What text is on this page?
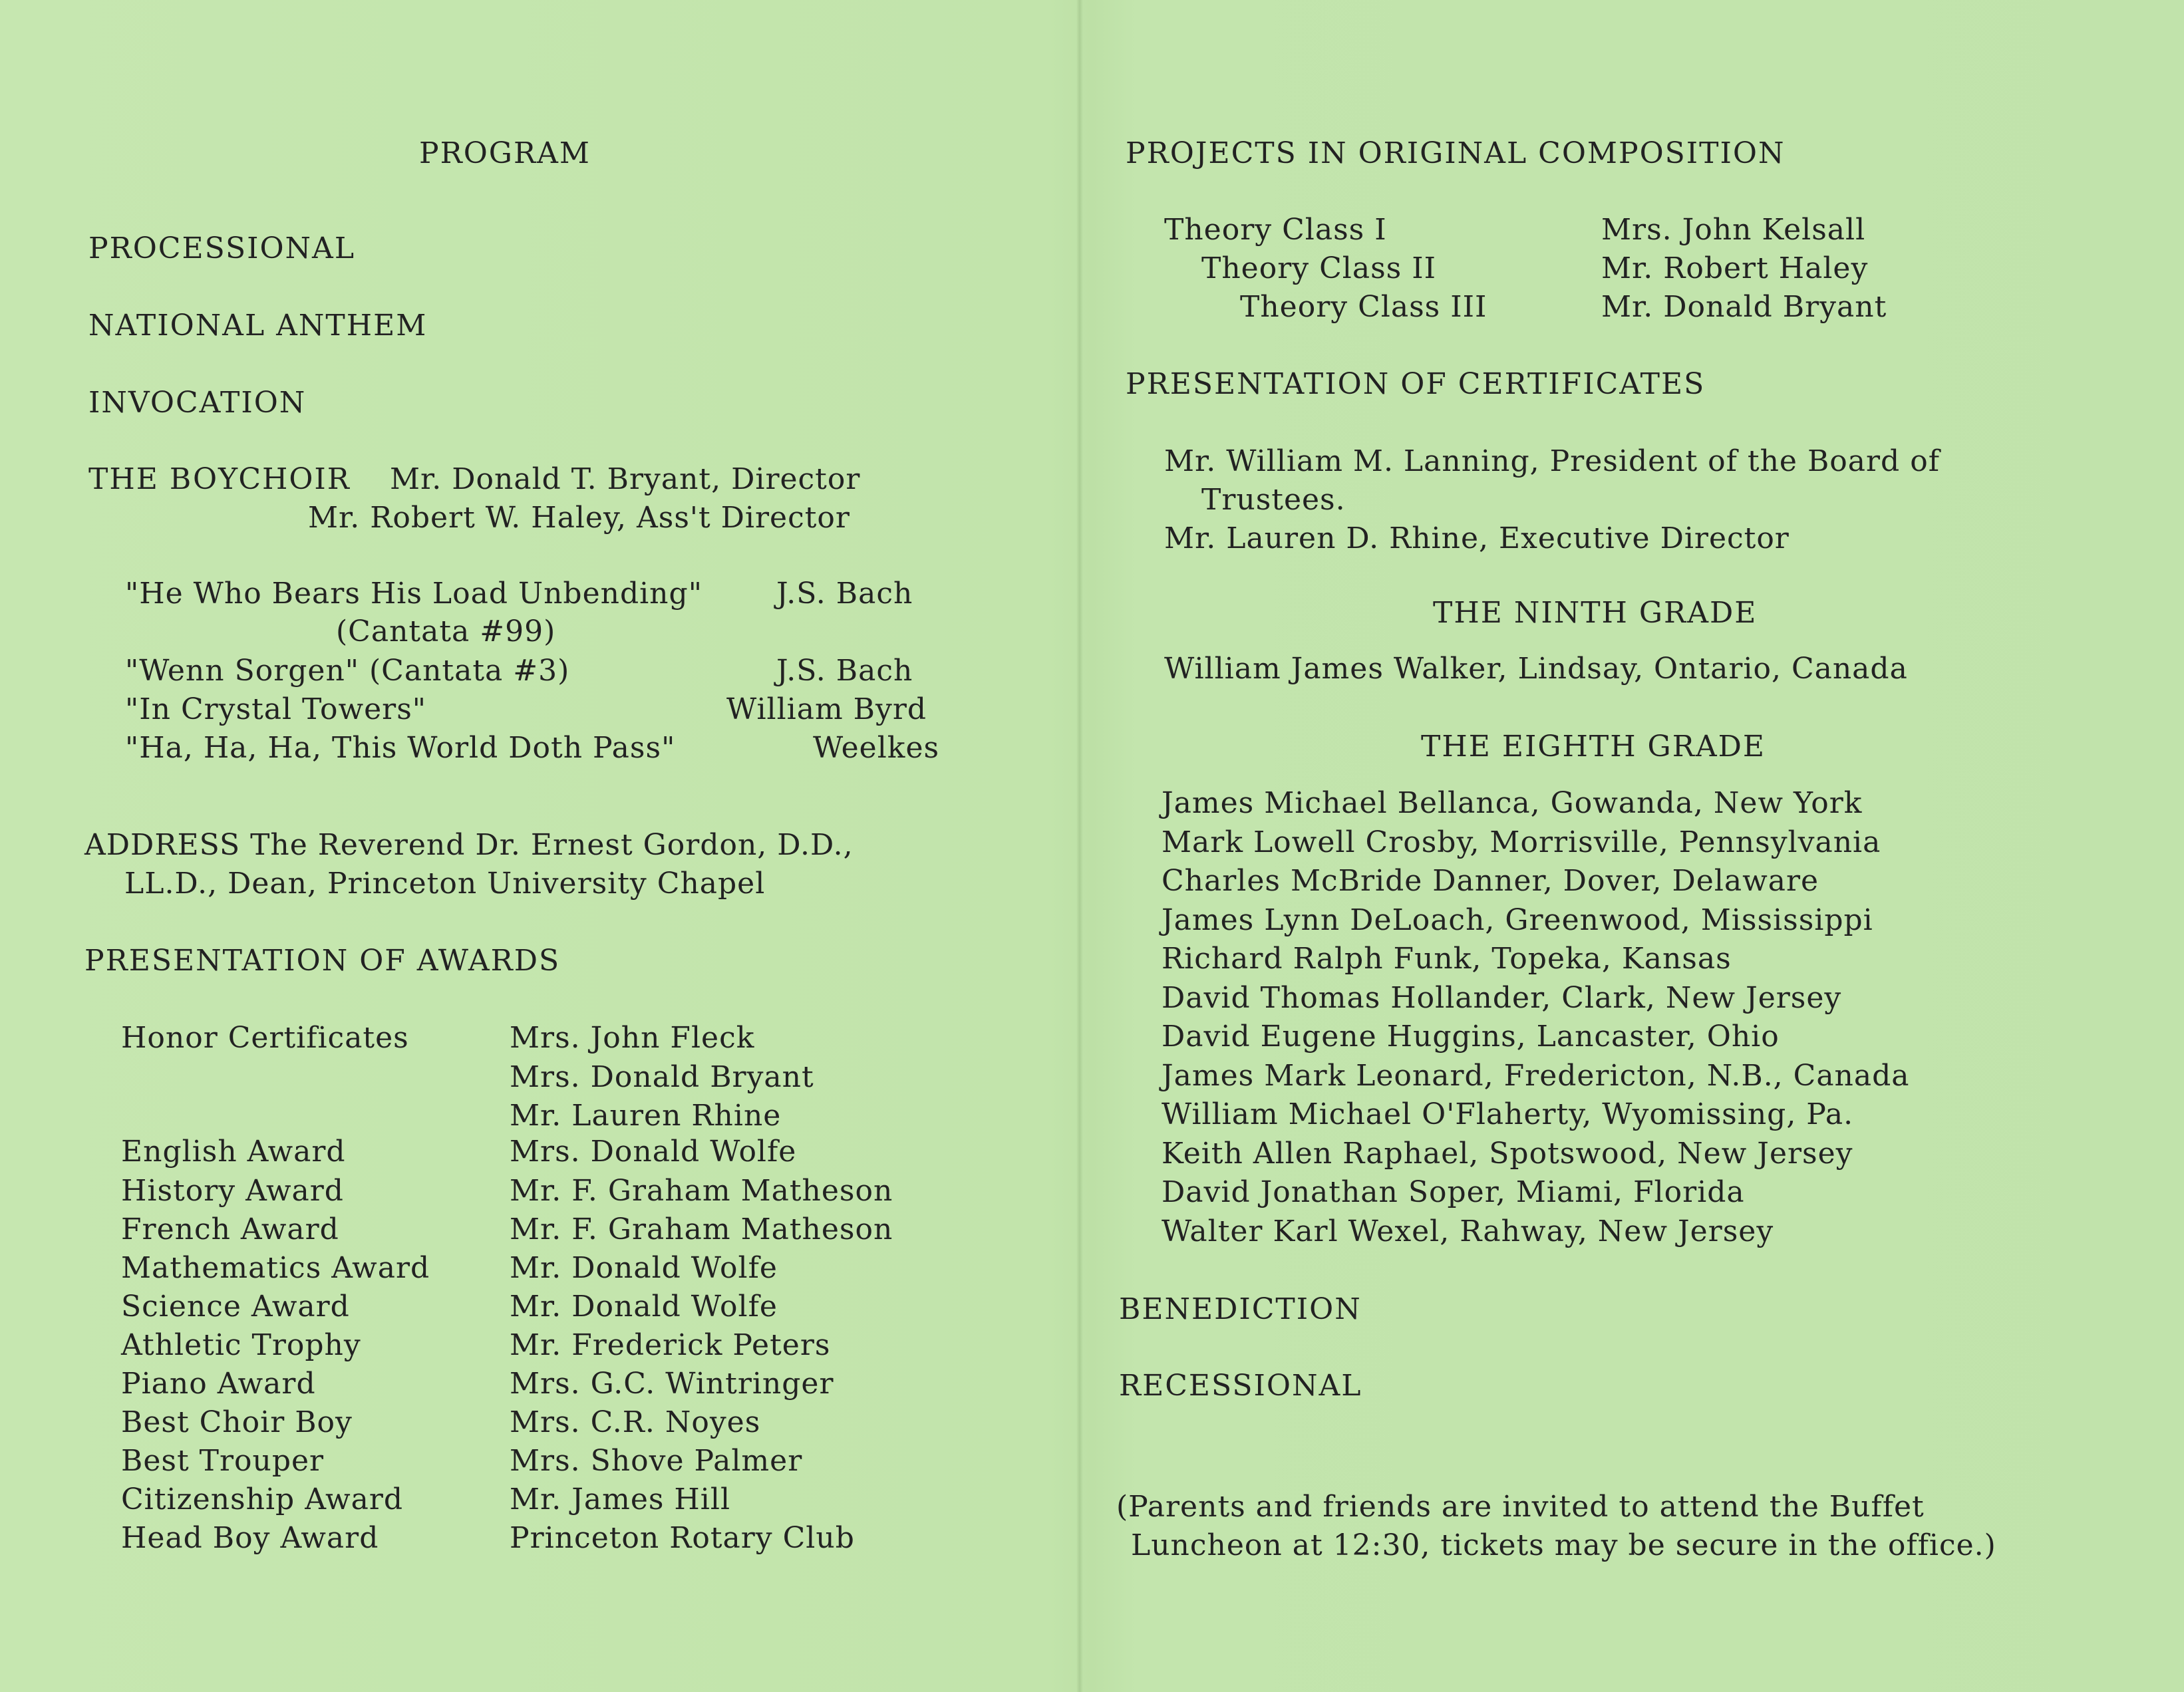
PROGRAM
PROCESSIONAL
NATIONAL ANTHEM
INVOCATION
THE BOYCHOIR Mr. Donald T. Bryant, Director
Mr. Robert W. Haley, Ass't Director
"He Who Bears His Load Unbending"	J.S. Bach
(Cantata #99)
"Wenn Sorgen" (Cantata #3)	J.S. Bach
"In Crystal Towers"	William Byrd
"Ha, Ha, Ha, This World Doth Pass"	Weelkes
ADDRESS The Reverend Dr. Ernest Gordon, D.D.,
LL.D., Dean, Princeton University Chapel
PRESENTATION OF AWARDS
Honor Certificates	Mrs. John Fleck
Mrs. Donald Bryant
Mr. Lauren Rhine
English Award	Mrs. Donald Wolfe
History Award	Mr. F. Graham Matheson
French Award	Mr. F. Graham Matheson
Mathematics Award	Mr. Donald Wolfe
Science Award	Mr. Donald Wolfe
Athletic Trophy	Mr. Frederick Peters
Piano Award	Mrs. G.C. Wintringer
Best Choir Boy	Mrs. C.R. Noyes
Best Trouper	Mrs. Shove Palmer
Citizenship Award	Mr. James Hill
Head Boy Award	Princeton Rotary Club
PROJECTS IN ORIGINAL COMPOSITION
Theory Class I	Mrs. John Kelsall
Theory Class II	Mr. Robert Haley
Theory Class III	Mr. Donald Bryant
PRESENTATION OF CERTIFICATES
Mr. William M. Lanning, President of the Board of
Trustees.
Mr. Lauren D. Rhine, Executive Director
THE NINTH GRADE
William James Walker, Lindsay, Ontario, Canada
THE EIGHTH GRADE
James Michael Bellanca, Gowanda, New York
Mark Lowell Crosby, Morrisville, Pennsylvania
Charles McBride Danner, Dover, Delaware
James Lynn DeLoach, Greenwood, Mississippi
Richard Ralph Funk, Topeka, Kansas
David Thomas Hollander, Clark, New Jersey
David Eugene Huggins, Lancaster, Ohio
James Mark Leonard, Fredericton, N.B., Canada
William Michael O'Flaherty, Wyomissing, Pa.
Keith Allen Raphael, Spotswood, New Jersey
David Jonathan Soper, Miami, Florida
Walter Karl Wexel, Rahway, New Jersey
BENEDICTION
RECESSIONAL
(Parents and friends are invited to attend the Buffet
Luncheon at 12:30, tickets may be secure in the office.)
